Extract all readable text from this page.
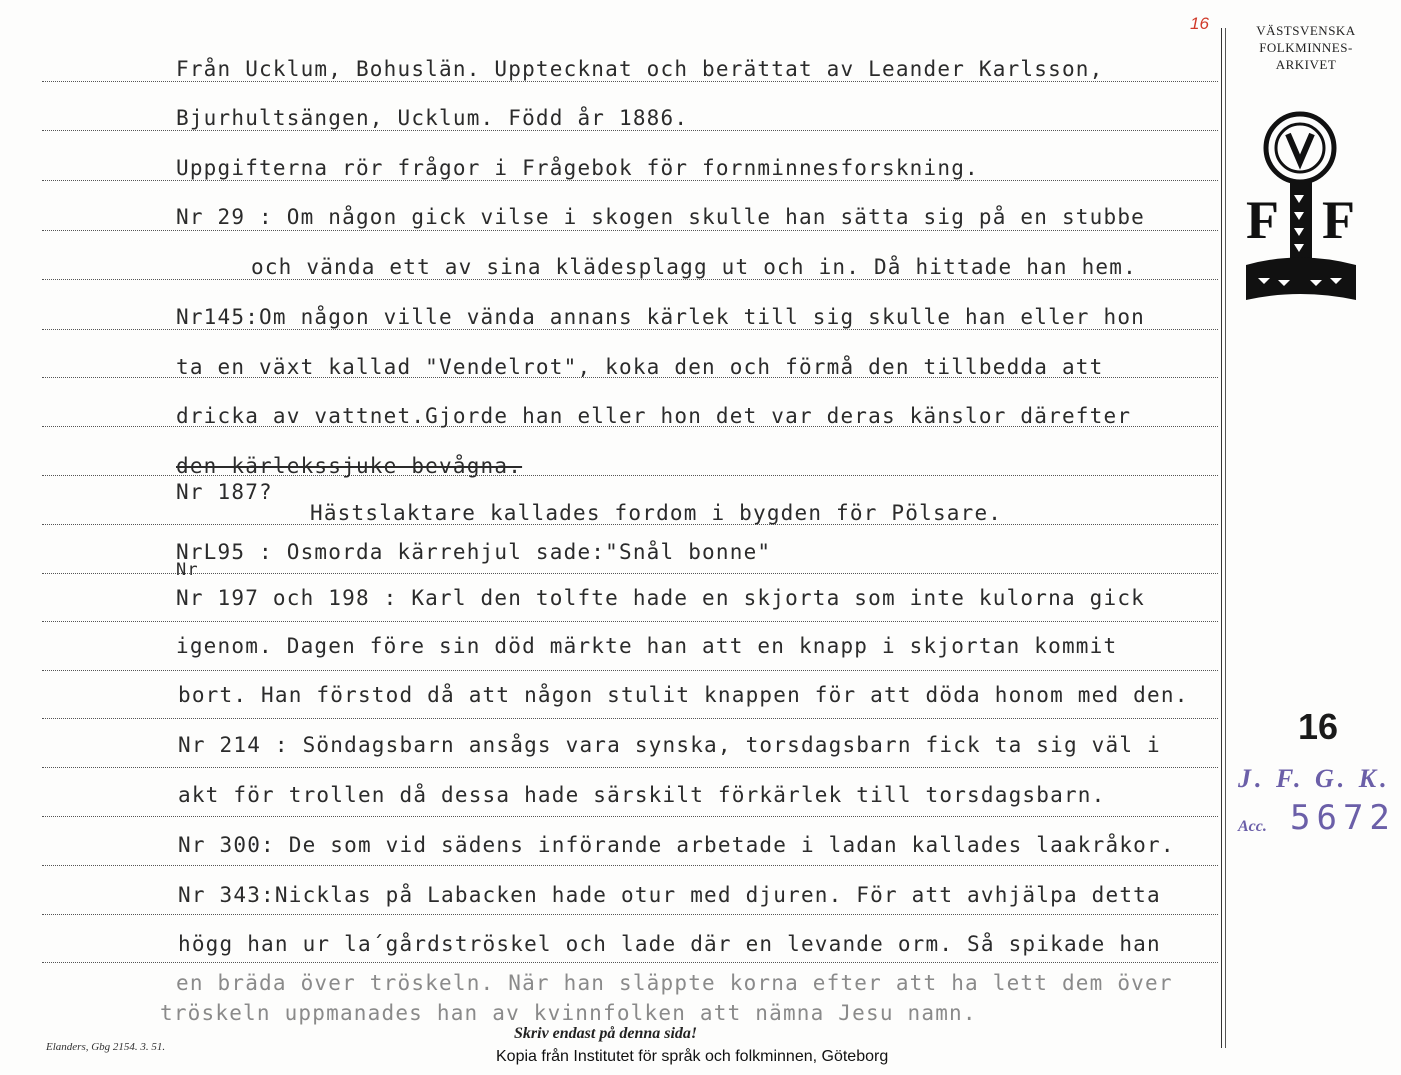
16	VÄSTSVENSKA
FOLKMINNES-
ARKIVET
F F
Från Ucklum, Bohuslän. Uppteckn⁠at och berättat av Leander Karlsson,
Bjurhultsängen, Ucklum. Född år 1886.
Uppgifterna rör frågor i Frågebok för fornminnesforskning.
Nr 29 : Om någon gick vilse i skogen skulle han sätta sig på en stubbe
och vända ett av sina klädesplagg ut och in. Då hittade han hem.
Nr145:Om någon ville vända annans kärlek till sig skulle han eller hon
ta en växt kallad "Vendelrot", koka den och förmå den tillbedda att
dricka av vattnet.Gjorde han eller hon det var deras känslor därefter
den kärlekssjuke bevågna.
Nr 187?
Hästslaktare kallades fordom i bygden för Pölsare.
NrL95 : Osmorda kärrehjul sade:"Snål bonne"
Nr
Nr 197 och 198 : Karl den tolfte hade en skjorta som inte kulorna gick
igenom. Dagen före sin död märkte han att en knapp i skjortan kommit
bort. Han förstod då att någon stulit knappen för att döda honom med den.
Nr 214 : Söndagsbarn ansågs vara synska, torsdagsbarn fick ta sig väl i
akt för trollen då dessa hade särskilt förkärlek till torsdagsbarn.
Nr 300: De som vid sädens införande arbetade i ladan kallades laakråkor.
Nr 343:Nicklas på Labacken hade otur med djuren. För att avhjälpa detta
högg han ur la´gårdströskel och lade där en levande orm. Så spikade han
en bräda över tröskeln. När han släppte korna efter att ha lett dem över
tröskeln uppmanades han av kvinnfolken att nämna Jesu namn.
16
J. F. G. K.
Acc. 5672
Elanders, Gbg 2154. 3. 51.
Skriv endast på denna sida!
Kopia från Institutet för språk och folkminnen, Göteborg
